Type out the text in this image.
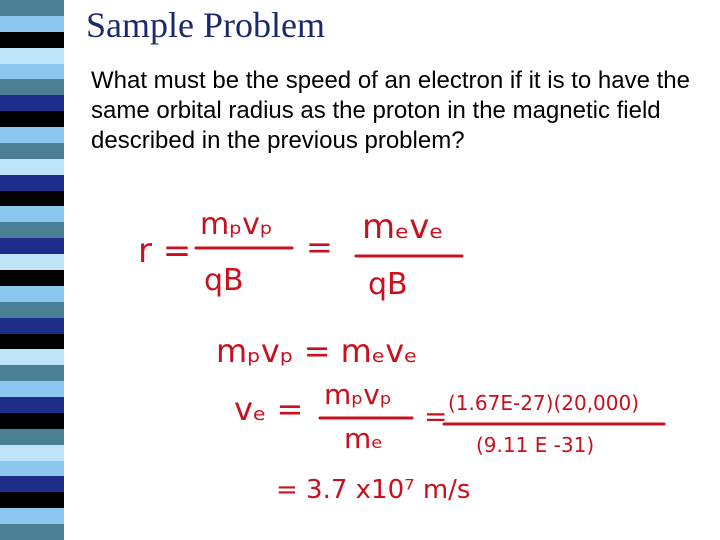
Sample Problem
What must be the speed of an electron if it is to have the same orbital radius as the proton in the magnetic field described in the previous problem?
r =
mₚvₚ
qB
= mₑvₑ
qB
mₚvₚ = mₑvₑ
vₑ = mₚvₚ
mₑ
= (1.67E-27)(20,000)
(9.11 E -31)
= 3.7 x10⁷ m/s
